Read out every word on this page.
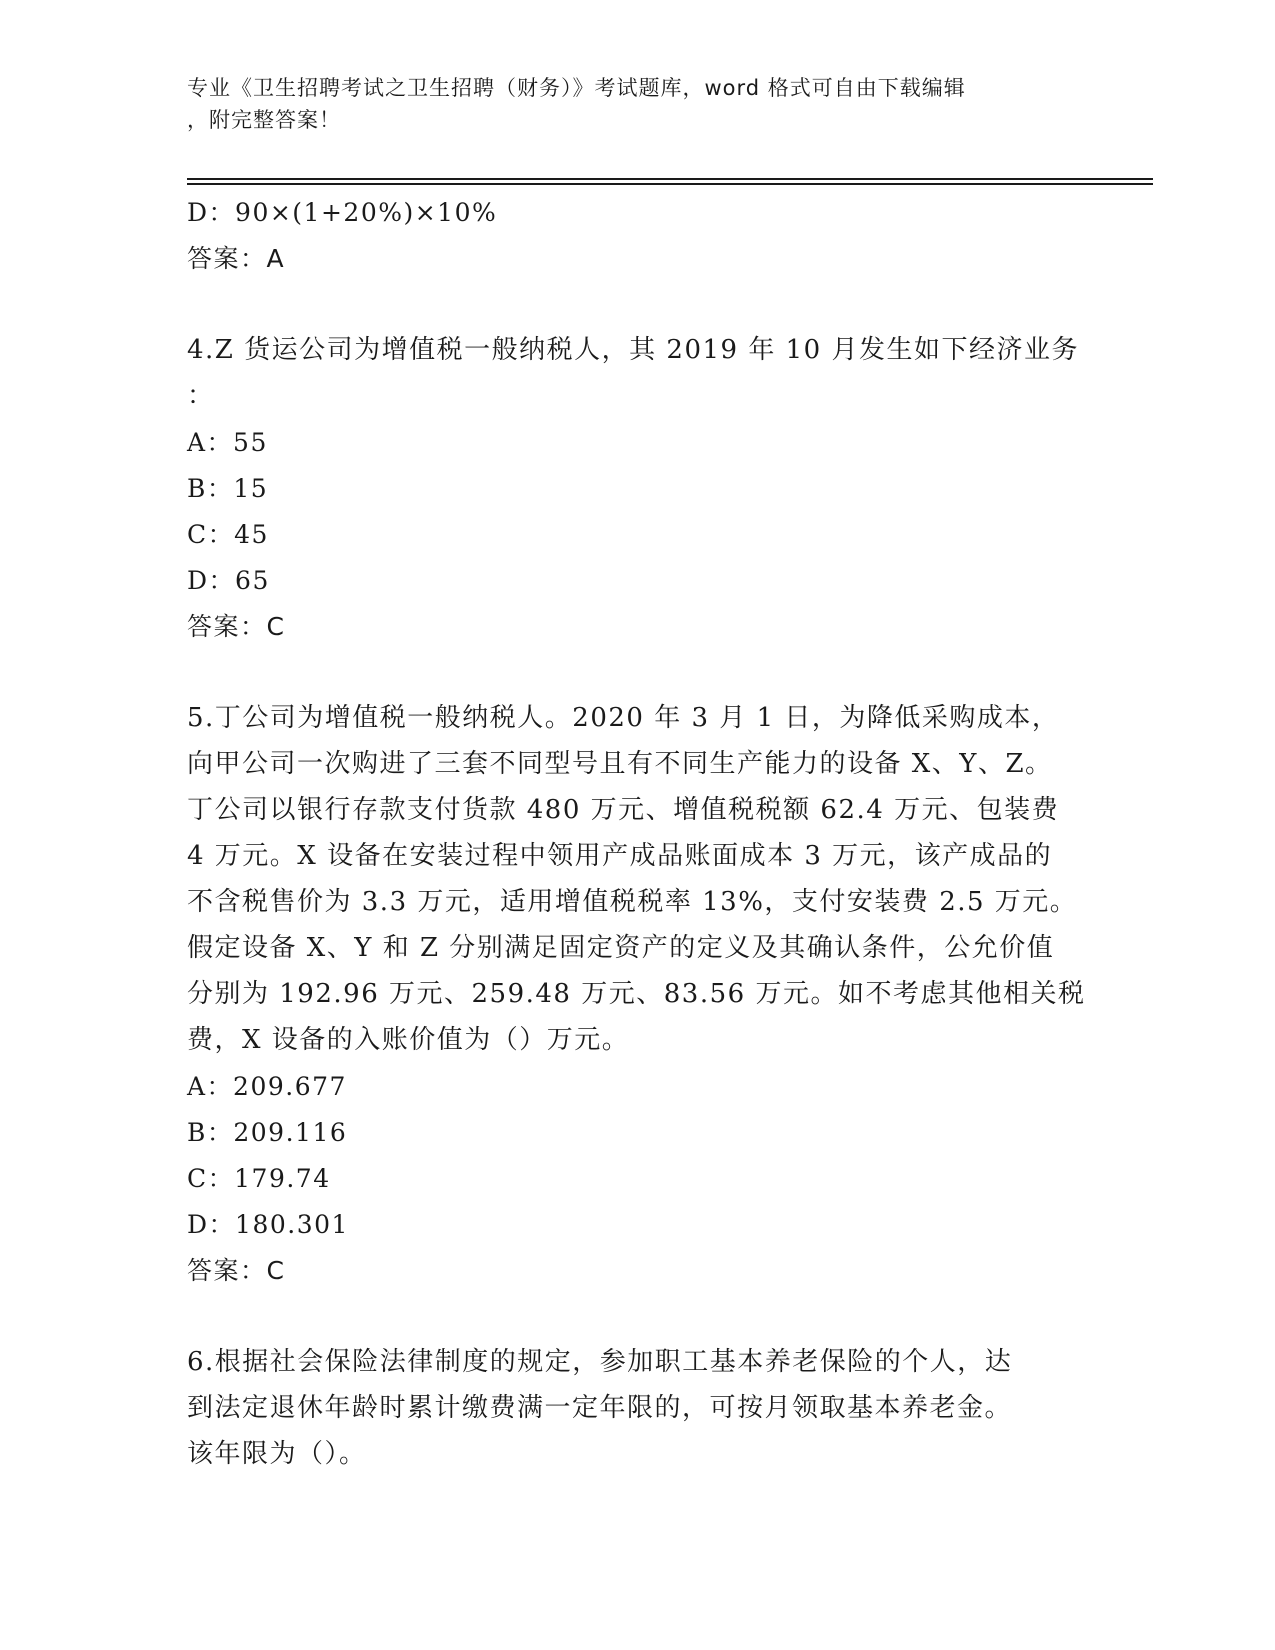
专业《卫生招聘考试之卫生招聘（财务）》考试题库，word 格式可自由下载编辑
，附完整答案！
D：90×(1+20%)×10%
答案：A
4.Z 货运公司为增值税一般纳税人，其 2019 年 10 月发生如下经济业务
：
A：55
B：15
C：45
D：65
答案：C
5.丁公司为增值税一般纳税人。2020 年 3 月 1 日，为降低采购成本，
向甲公司一次购进了三套不同型号且有不同生产能力的设备 X、Y、Z。
丁公司以银行存款支付货款 480 万元、增值税税额 62.4 万元、包装费
4 万元。X 设备在安装过程中领用产成品账面成本 3 万元，该产成品的
不含税售价为 3.3 万元，适用增值税税率 13%，支付安装费 2.5 万元。
假定设备 X、Y 和 Z 分别满足固定资产的定义及其确认条件，公允价值
分别为 192.96 万元、259.48 万元、83.56 万元。如不考虑其他相关税
费，X 设备的入账价值为（）万元。
A：209.677
B：209.116
C：179.74
D：180.301
答案：C
6.根据社会保险法律制度的规定，参加职工基本养老保险的个人，达
到法定退休年龄时累计缴费满一定年限的，可按月领取基本养老金。
该年限为（）。
